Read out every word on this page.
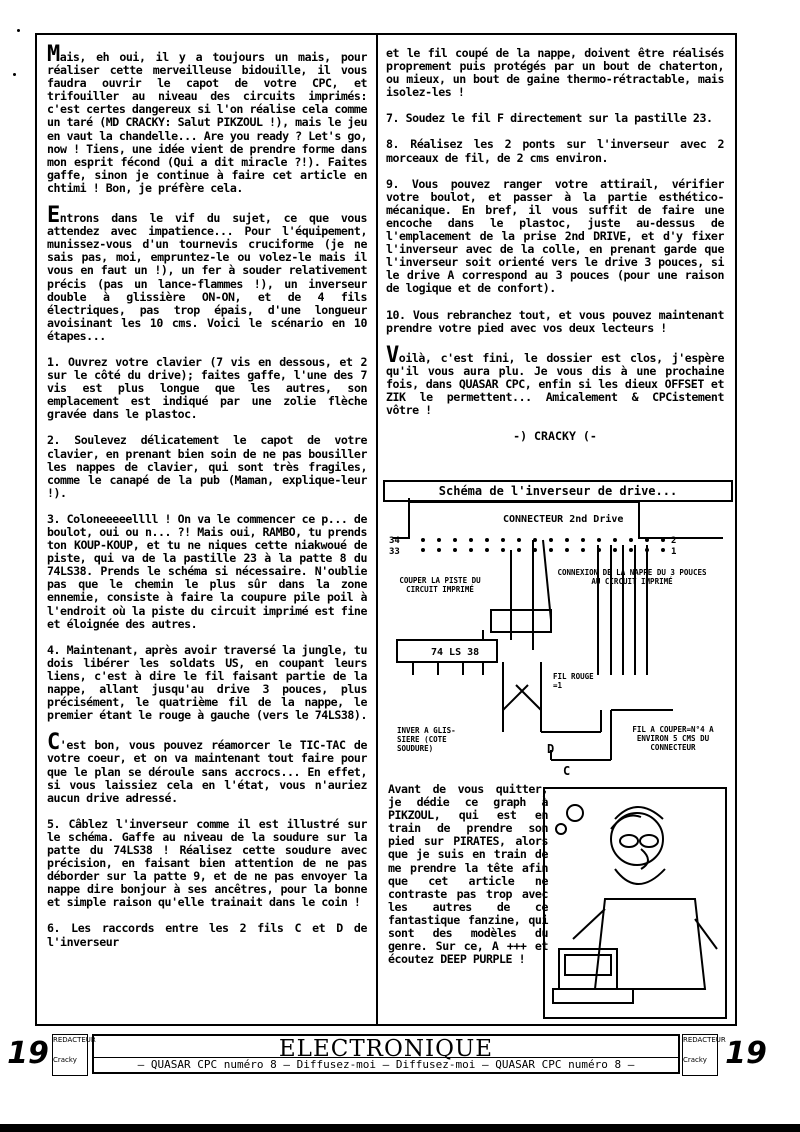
Mais, eh oui, il y a toujours un mais, pour réaliser cette merveilleuse bidouille, il vous faudra ouvrir le capot de votre CPC, et trifouiller au niveau des circuits imprimés: c'est certes dangereux si l'on réalise cela comme un taré (MD CRACKY: Salut PIKZOUL !), mais le jeu en vaut la chandelle... Are you ready ? Let's go, now ! Tiens, une idée vient de prendre forme dans mon esprit fécond (Qui a dit miracle ?!). Faites gaffe, sinon je continue à faire cet article en chtimi ! Bon, je préfère cela.

Entrons dans le vif du sujet, ce que vous attendez avec impatience... Pour l'équipement, munissez-vous d'un tournevis cruciforme (je ne sais pas, moi, empruntez-le ou volez-le mais il vous en faut un !), un fer à souder relativement précis (pas un lance-flammes !), un inverseur double à glissière ON-ON, et de 4 fils électriques, pas trop épais, d'une longueur avoisinant les 10 cms. Voici le scénario en 10 étapes...

1. Ouvrez votre clavier (7 vis en dessous, et 2 sur le côté du drive); faites gaffe, l'une des 7 vis est plus longue que les autres, son emplacement est indiqué par une zolie flèche gravée dans le plastoc.

2. Soulevez délicatement le capot de votre clavier, en prenant bien soin de ne pas bousiller les nappes de clavier, qui sont très fragiles, comme le canapé de la pub (Maman, explique-leur !).

3. Coloneeeeellll ! On va le commencer ce p... de boulot, oui ou n... ?! Mais oui, RAMBO, tu prends ton KOUP-KOUP, et tu ne niques cette niakwoué de piste, qui va de la pastille 23 à la patte 8 du 74LS38. Prends le schéma si nécessaire. N'oublie pas que le chemin le plus sûr dans la zone ennemie, consiste à faire la coupure pile poil à l'endroit où la piste du circuit imprimé est fine et éloignée des autres.

4. Maintenant, après avoir traversé la jungle, tu dois libérer les soldats US, en coupant leurs liens, c'est à dire le fil faisant partie de la nappe, allant jusqu'au drive 3 pouces, plus précisément, le quatrième fil de la nappe, le premier étant le rouge à gauche (vers le 74LS38).

C'est bon, vous pouvez réamorcer le TIC-TAC de votre coeur, et on va maintenant tout faire pour que le plan se déroule sans accrocs... En effet, si vous laissiez cela en l'état, vous n'auriez aucun drive adressé.

5. Câblez l'inverseur comme il est illustré sur le schéma. Gaffe au niveau de la soudure sur la patte du 74LS38 ! Réalisez cette soudure avec précision, en faisant bien attention de ne pas déborder sur la patte 9, et de ne pas envoyer la nappe dire bonjour à ses ancêtres, pour la bonne et simple raison qu'elle trainait dans le coin !

6. Les raccords entre les 2 fils C et D de l'inverseur

et le fil coupé de la nappe, doivent être réalisés proprement puis protégés par un bout de chaterton, ou mieux, un bout de gaine thermo-rétractable, mais isolez-les !

7. Soudez le fil F directement sur la pastille 23.

8. Réalisez les 2 ponts sur l'inverseur avec 2 morceaux de fil, de 2 cms environ.

9. Vous pouvez ranger votre attirail, vérifier votre boulot, et passer à la partie esthético-mécanique. En bref, il vous suffit de faire une encoche dans le plastoc, juste au-dessus de l'emplacement de la prise 2nd DRIVE, et d'y fixer l'inverseur avec de la colle, en prenant garde que l'inverseur soit orienté vers le drive 3 pouces, si le drive A correspond au 3 pouces (pour une raison de logique et de confort).

10. Vous rebranchez tout, et vous pouvez maintenant prendre votre pied avec vos deux lecteurs !

Voilà, c'est fini, le dossier est clos, j'espère qu'il vous aura plu. Je vous dis à une prochaine fois, dans QUASAR CPC, enfin si les dieux OFFSET et ZIK le permettent... Amicalement & CPCistement vôtre !

-) CRACKY (-

Schéma de l'inverseur de drive...
CONNECTEUR 2nd Drive
34
33
2
1
74 LS 38
D
C
COUPER LA PISTE DU CIRCUIT IMPRIMÉ
CONNEXION DE LA NAPPE DU 3 POUCES AU CIRCUIT IMPRIMÉ
FIL ROUGE =1
INVER A GLIS- SIERE (COTE SOUDURE)
FIL A COUPER=N°4 A ENVIRON 5 CMS DU CONNECTEUR
Avant de vous quitter, je dédie ce graph à PIKZOUL, qui est en train de prendre son pied sur PIRATES, alors que je suis en train de me prendre la tête afin que cet article ne contraste pas trop avec les autres de ce fantastique fanzine, qui sont des modèles du genre. Sur ce, A +++ et écoutez DEEP PURPLE !
19 REDACTEUR
Cracky	ELECTRONIQUE
— QUASAR CPC numéro 8 — Diffusez-moi — Diffusez-moi — QUASAR CPC numéro 8 —
REDACTEUR
Cracky 19
